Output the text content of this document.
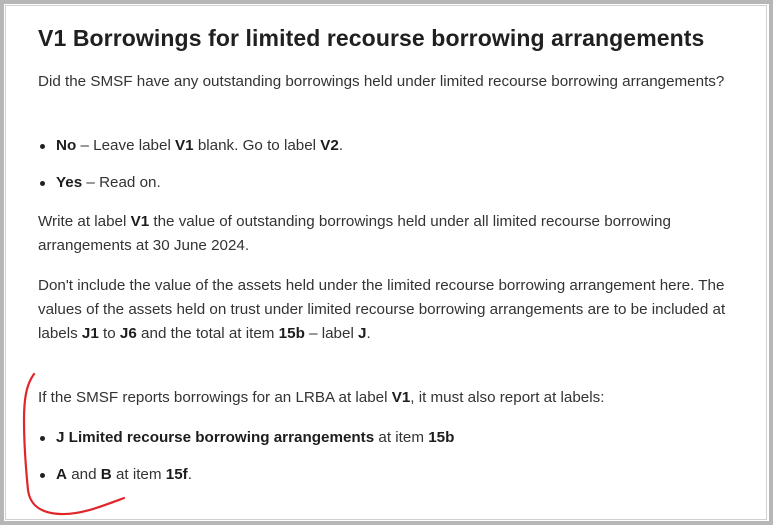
V1 Borrowings for limited recourse borrowing arrangements

Did the SMSF have any outstanding borrowings held under limited recourse borrowing arrangements?

No – Leave label V1 blank. Go to label V2.
Yes – Read on.

Write at label V1 the value of outstanding borrowings held under all limited recourse borrowing arrangements at 30 June 2024.

Don't include the value of the assets held under the limited recourse borrowing arrangement here. The values of the assets held on trust under limited recourse borrowing arrangements are to be included at labels J1 to J6 and the total at item 15b – label J.

If the SMSF reports borrowings for an LRBA at label V1, it must also report at labels:

J Limited recourse borrowing arrangements at item 15b
A and B at item 15f.
